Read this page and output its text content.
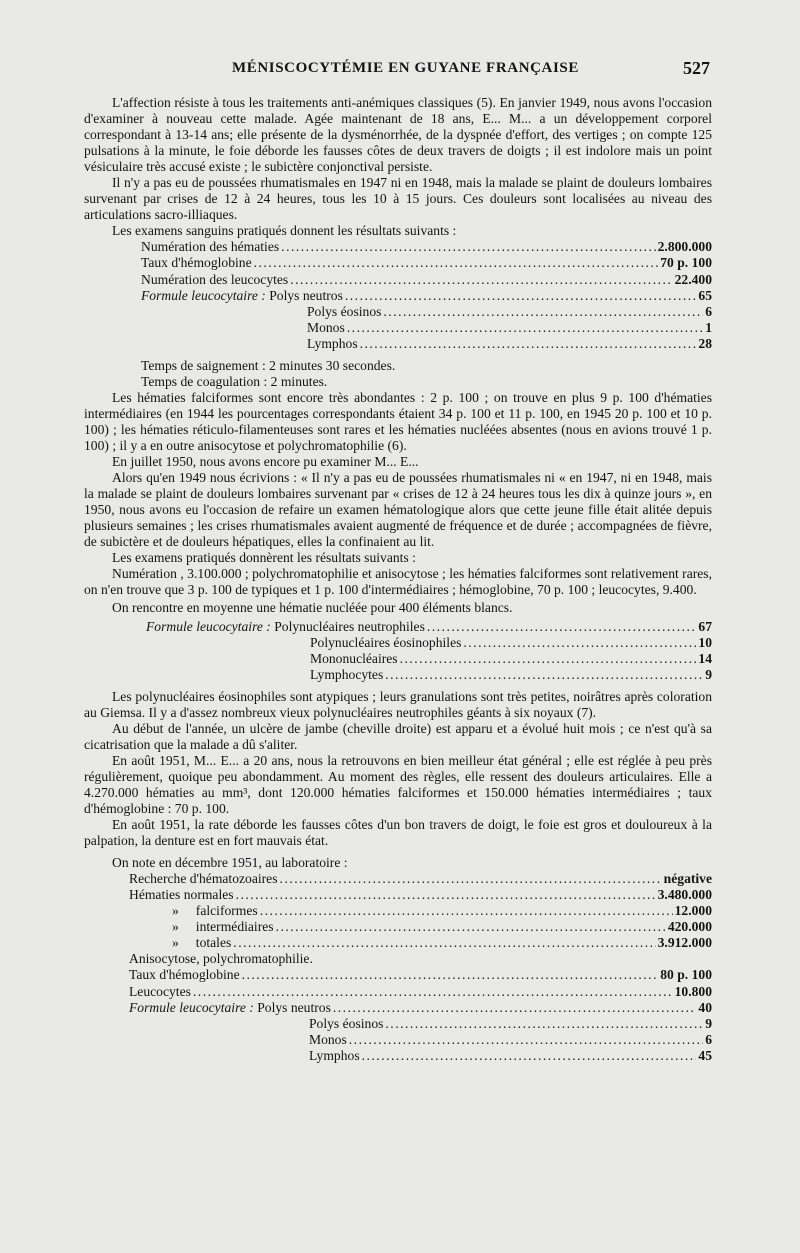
MÉNISCOCYTÉMIE EN GUYANE FRANÇAISE	527

L'affection résiste à tous les traitements anti-anémiques classiques (5). En janvier 1949, nous avons l'occasion d'examiner à nouveau cette malade. Agée maintenant de 18 ans, E... M... a un développement corporel correspondant à 13-14 ans; elle présente de la dysménorrhée, de la dyspnée d'effort, des vertiges ; on compte 125 pulsations à la minute, le foie déborde les fausses côtes de deux travers de doigts ; il est indolore mais un point vésiculaire très accusé existe ; le subictère conjonctival persiste.

Il n'y a pas eu de poussées rhumatismales en 1947 ni en 1948, mais la malade se plaint de douleurs lombaires survenant par crises de 12 à 24 heures, tous les 10 à 15 jours. Ces douleurs sont localisées au niveau des articulations sacro-illiaques.

Les examens sanguins pratiqués donnent les résultats suivants :

Numération des hématies .....	2.800.000
Taux d'hémoglobine .....	70 p. 100
Numération des leucocytes .....	22.400
Formule leucocytaire :
Polys neutros .....	65
Polys éosinos .....	6
Monos .....	1
Lymphos .....	28
Temps de saignement : 2 minutes 30 secondes.
Temps de coagulation : 2 minutes.

Les hématies falciformes sont encore très abondantes : 2 p. 100 ; on trouve en plus 9 p. 100 d'hématies intermédiaires (en 1944 les pourcentages correspondants étaient 34 p. 100 et 11 p. 100, en 1945 20 p. 100 et 10 p. 100) ; les hématies réticulo-filamenteuses sont rares et les hématies nucléées absentes (nous en avions trouvé 1 p. 100) ; il y a en outre anisocytose et polychromatophilie (6).

En juillet 1950, nous avons encore pu examiner M... E...

Alors qu'en 1949 nous écrivions : « Il n'y a pas eu de poussées rhumatismales ni « en 1947, ni en 1948, mais la malade se plaint de douleurs lombaires survenant par « crises de 12 à 24 heures tous les dix à quinze jours », en 1950, nous avons eu l'occasion de refaire un examen hématologique alors que cette jeune fille était alitée depuis plusieurs semaines ; les crises rhumatismales avaient augmenté de fréquence et de durée ; accompagnées de fièvre, de subictère et de douleurs hépatiques, elles la confinaient au lit.

Les examens pratiqués donnèrent les résultats suivants :

Numération , 3.100.000 ; polychromatophilie et anisocytose ; les hématies falciformes sont relativement rares, on n'en trouve que 3 p. 100 de typiques et 1 p. 100 d'intermédiaires ; hémoglobine, 70 p. 100 ; leucocytes, 9.400.

On rencontre en moyenne une hématie nucléée pour 400 éléments blancs.

Formule leucocytaire :
Polynucléaires neutrophiles .....	67
Polynucléaires éosinophiles .....	10
Mononucléaires .....	14
Lymphocytes .....	9

Les polynucléaires éosinophiles sont atypiques ; leurs granulations sont très petites, noirâtres après coloration au Giemsa. Il y a d'assez nombreux vieux polynucléaires neutrophiles géants à six noyaux (7).

Au début de l'année, un ulcère de jambe (cheville droite) est apparu et a évolué huit mois ; ce n'est qu'à sa cicatrisation que la malade a dû s'aliter.

En août 1951, M... E... a 20 ans, nous la retrouvons en bien meilleur état général ; elle est réglée à peu près régulièrement, quoique peu abondamment. Au moment des règles, elle ressent des douleurs articulaires. Elle a 4.270.000 hématies au mm³, dont 120.000 hématies falciformes et 150.000 hématies intermédiaires ; taux d'hémoglobine : 70 p. 100.

En août 1951, la rate déborde les fausses côtes d'un bon travers de doigt, le foie est gros et douloureux à la palpation, la denture est en fort mauvais état.

On note en décembre 1951, au laboratoire :

Recherche d'hématozoaires .....	négative
Hématies normales .....	3.480.000
»
falciformes .....	12.000
»
intermédiaires .....	420.000
»
totales .....	3.912.000
Anisocytose, polychromatophilie.
Taux d'hémoglobine .....	80 p. 100
Leucocytes .....	10.800
Formule leucocytaire :
Polys neutros .....	40
Polys éosinos .....	9
Monos .....	6
Lymphos .....	45
